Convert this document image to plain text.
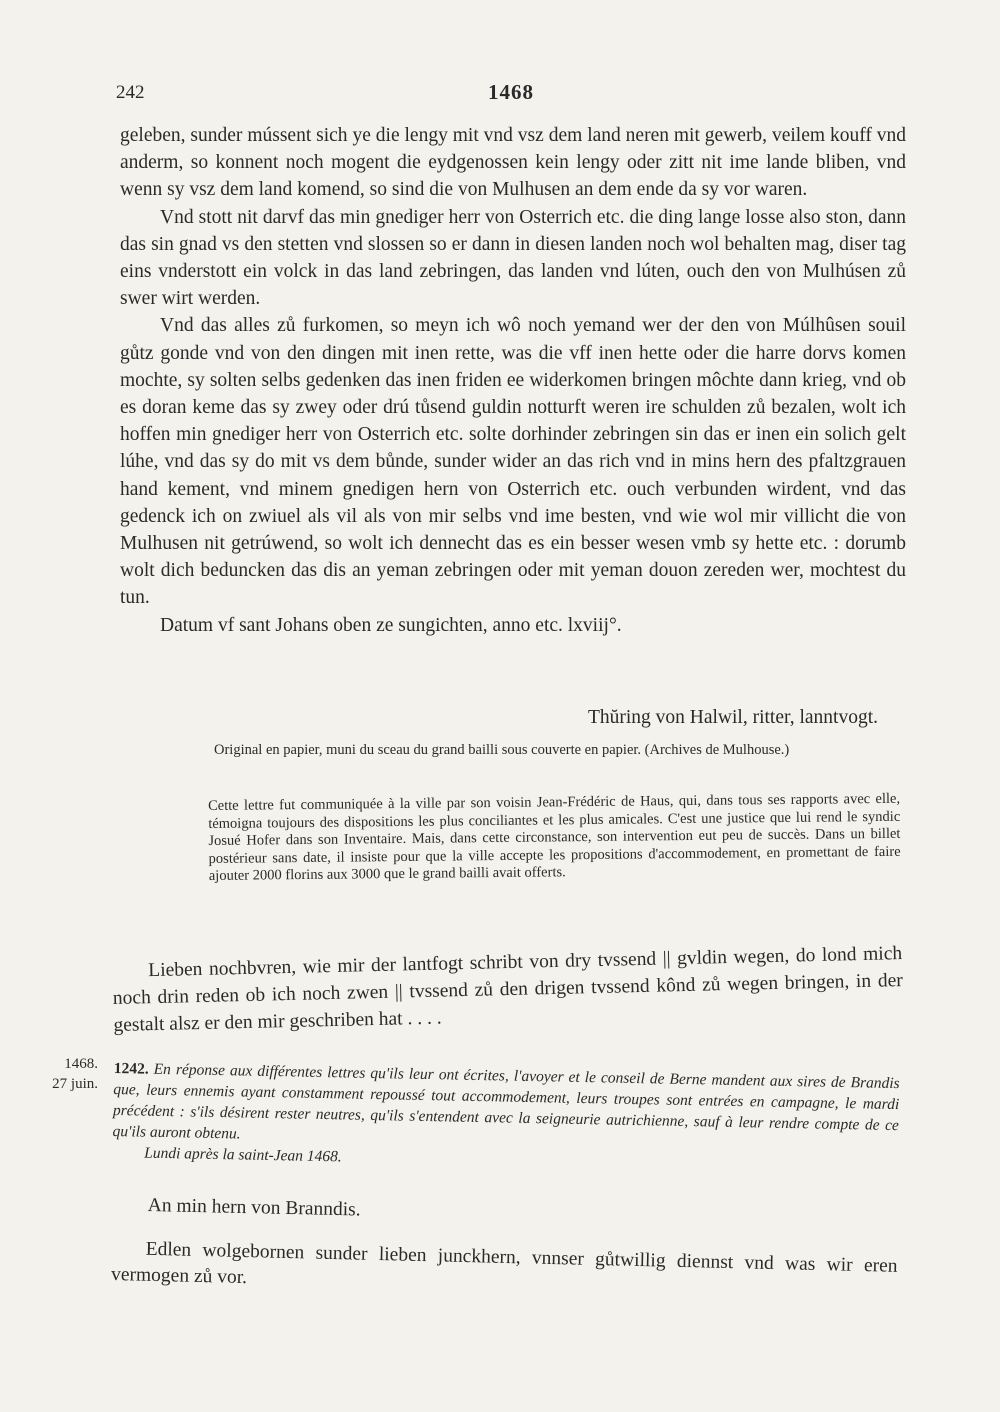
242	1468

geleben, sunder mússent sich ye die lengy mit vnd vsz dem land neren mit gewerb, veilem kouff vnd anderm, so konnent noch mogent die eydgenossen kein lengy oder zitt nit ime lande bliben, vnd wenn sy vsz dem land komend, so sind die von Mulhusen an dem ende da sy vor waren.

Vnd stott nit darvf das min gnediger herr von Osterrich etc. die ding lange losse also ston, dann das sin gnad vs den stetten vnd slossen so er dann in diesen landen noch wol behalten mag, diser tag eins vnderstott ein volck in das land zebringen, das landen vnd lúten, ouch den von Mulhúsen zů swer wirt werden.

Vnd das alles zů furkomen, so meyn ich wô noch yemand wer der den von Múlhûsen souil gůtz gonde vnd von den dingen mit inen rette, was die vff inen hette oder die harre dorvs komen mochte, sy solten selbs gedenken das inen friden ee widerkomen bringen môchte dann krieg, vnd ob es doran keme das sy zwey oder drú tůsend guldin notturft weren ire schulden zů bezalen, wolt ich hoffen min gnediger herr von Osterrich etc. solte dorhinder zebringen sin das er inen ein solich gelt lúhe, vnd das sy do mit vs dem bůnde, sunder wider an das rich vnd in mins hern des pfaltzgrauen hand kement, vnd minem gnedigen hern von Osterrich etc. ouch verbunden wirdent, vnd das gedenck ich on zwiuel als vil als von mir selbs vnd ime besten, vnd wie wol mir villicht die von Mulhusen nit getrúwend, so wolt ich dennecht das es ein besser wesen vmb sy hette etc. : dorumb wolt dich beduncken das dis an yeman zebringen oder mit yeman douon zereden wer, mochtest du tun.

Datum vf sant Johans oben ze sungichten, anno etc. lxviij°.

Thŭring von Halwil, ritter, lanntvogt.

Original en papier, muni du sceau du grand bailli sous couverte en papier. (Archives de Mulhouse.)

Cette lettre fut communiquée à la ville par son voisin Jean-Frédéric de Haus, qui, dans tous ses rapports avec elle, témoigna toujours des dispositions les plus conciliantes et les plus amicales. C'est une justice que lui rend le syndic Josué Hofer dans son Inventaire. Mais, dans cette circonstance, son intervention eut peu de succès. Dans un billet postérieur sans date, il insiste pour que la ville accepte les propositions d'accommodement, en promettant de faire ajouter 2000 florins aux 3000 que le grand bailli avait offerts.

Lieben nochbvren, wie mir der lantfogt schribt von dry tvssend || gvldin wegen, do lond mich noch drin reden ob ich noch zwen || tvssend zů den drigen tvssend kônd zů wegen bringen, in der gestalt alsz er den mir geschriben hat . . . .

1468.
27 juin.
1242. En réponse aux différentes lettres qu'ils leur ont écrites, l'avoyer et le conseil de Berne mandent aux sires de Brandis que, leurs ennemis ayant constamment repoussé tout accommodement, leurs troupes sont entrées en campagne, le mardi précédent : s'ils désirent rester neutres, qu'ils s'entendent avec la seigneurie autrichienne, sauf à leur rendre compte de ce qu'ils auront obtenu.
Lundi après la saint-Jean 1468.
An min hern von Branndis.

Edlen wolgebornen sunder lieben junckhern, vnnser gůtwillig diennst vnd was wir eren vermogen zů vor.
